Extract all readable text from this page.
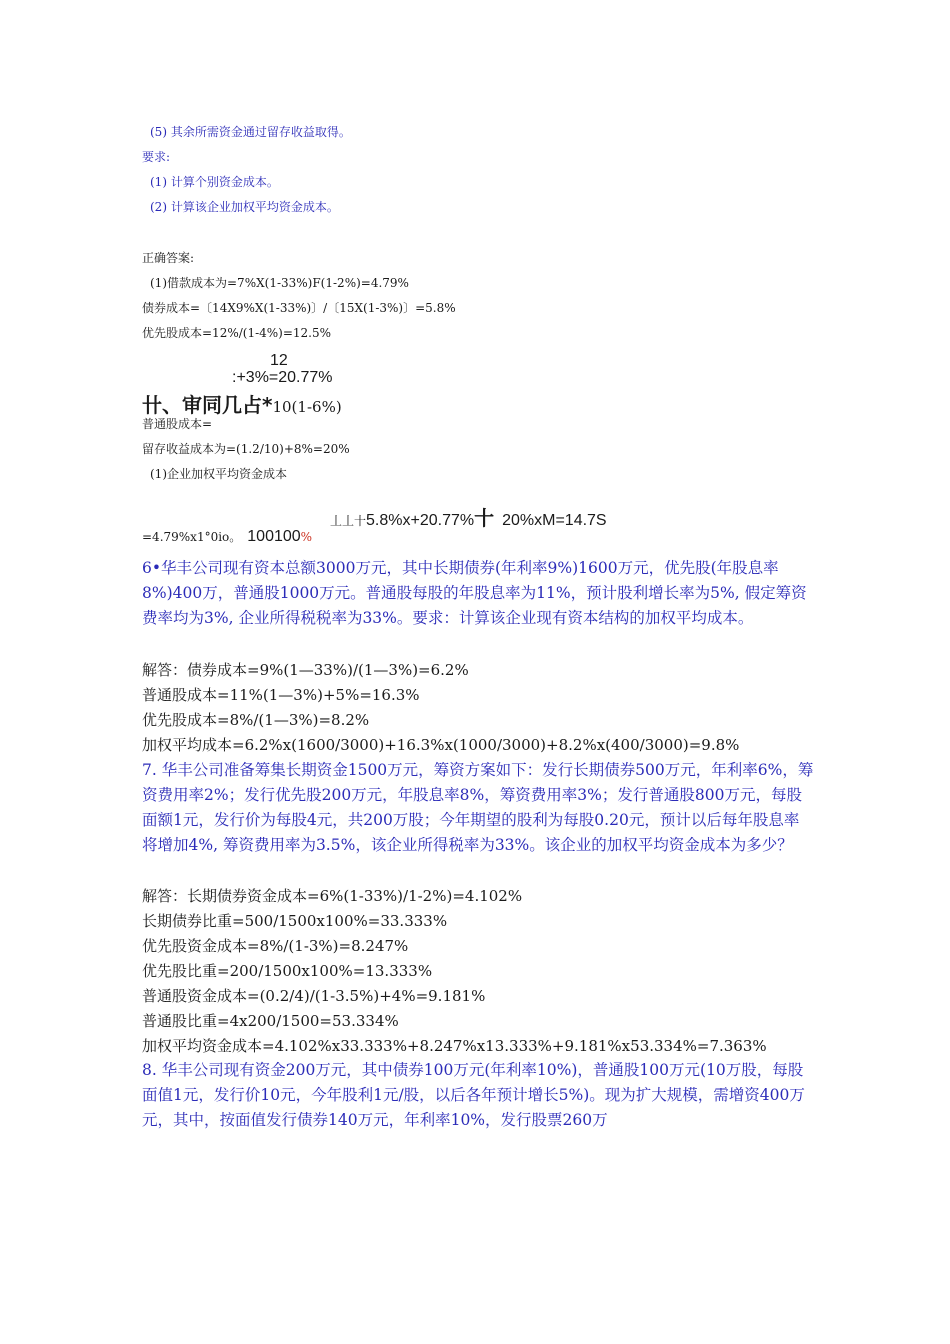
(5) 其余所需资金通过留存收益取得。
要求:
(1) 计算个别资金成本。
(2) 计算该企业加权平均资金成本。
正确答案:
(1)借款成本为=7%X(1-33%)F(1-2%)=4.79%
债券成本=〔14X9%X(1-33%)〕/〔15X(1-3%)〕=5.8%
优先股成本=12%/(1-4%)=12.5%
12
:+3%=20.77%
卄、审同几占*10(1-6%)
普通股成本=
留存收益成本为=(1.2/10)+8%=20%
(1)企业加权平均资金成本
丄丄十5.8%x+20.77%十 20%xM=14.7S
=4.79%x1°0io。 100100%
6•华丰公司现有资本总额3000万元，其中长期债券(年利率9%)1600万元，优先股(年股息率8%)400万，普通股1000万元。普通股每股的年股息率为11%，预计股利增长率为5%, 假定筹资费率均为3%, 企业所得税税率为33%。要求：计算该企业现有资本结构的加权平均成本。
解答：债券成本=9%(1—33%)/(1—3%)=6.2%
普通股成本=11%(1—3%)+5%=16.3%
优先股成本=8%/(1—3%)=8.2%
加权平均成本=6.2%x(1600/3000)+16.3%x(1000/3000)+8.2%x(400/3000)=9.8%
7. 华丰公司准备筹集长期资金1500万元，筹资方案如下：发行长期债券500万元，年利率6%，筹资费用率2%；发行优先股200万元，年股息率8%，筹资费用率3%；发行普通股800万元，每股面额1元，发行价为每股4元，共200万股；今年期望的股利为每股0.20元，预计以后每年股息率将增加4%, 筹资费用率为3.5%，该企业所得税率为33%。该企业的加权平均资金成本为多少？
解答：长期债券资金成本=6%(1-33%)/1-2%)=4.102%
长期债券比重=500/1500x100%=33.333%
优先股资金成本=8%/(1-3%)=8.247%
优先股比重=200/1500x100%=13.333%
普通股资金成本=(0.2/4)/(1-3.5%)+4%=9.181%
普通股比重=4x200/1500=53.334%
加权平均资金成本=4.102%x33.333%+8.247%x13.333%+9.181%x53.334%=7.363%
8. 华丰公司现有资金200万元，其中债券100万元(年利率10%)，普通股100万元(10万股，每股面值1元，发行价10元，今年股利1元/股，以后各年预计增长5%)。现为扩大规模，需增资400万元，其中，按面值发行债券140万元，年利率10%，发行股票260万
